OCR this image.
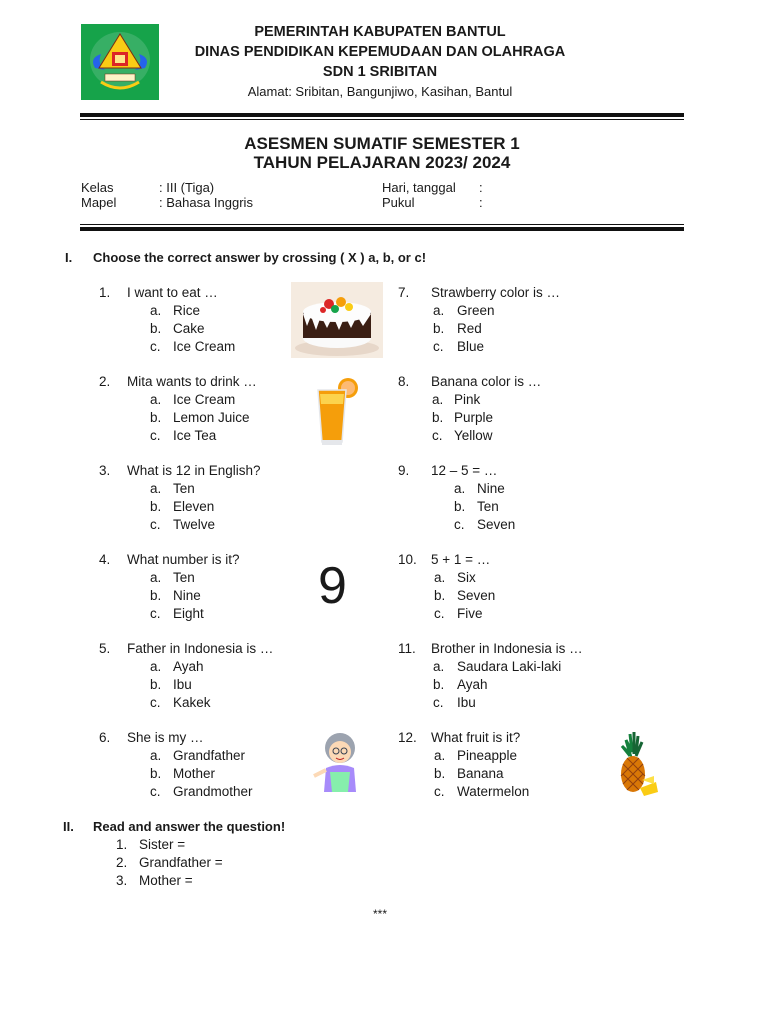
PEMERINTAH KABUPATEN BANTUL
DINAS PENDIDIKAN KEPEMUDAAN DAN OLAHRAGA
SDN 1 SRIBITAN
Alamat: Sribitan, Bangunjiwo, Kasihan, Bantul
ASESMEN SUMATIF SEMESTER 1
TAHUN PELAJARAN 2023/ 2024
Kelas	: III (Tiga)
Mapel	: Bahasa Inggris
Hari, tanggal :
Pukul	:
I. Choose the correct answer by crossing ( X ) a, b, or c!
1. I want to eat …
a. Rice
b. Cake
c. Ice Cream
2. Mita wants to drink …
a. Ice Cream
b. Lemon Juice
c. Ice Tea
3. What is 12 in English?
a. Ten
b. Eleven
c. Twelve
4. What number is it?
a. Ten
b. Nine
c. Eight
5. Father in Indonesia is …
a. Ayah
b. Ibu
c. Kakek
6. She is my …
a. Grandfather
b. Mother
c. Grandmother
7. Strawberry color is …
a. Green
b. Red
c. Blue
8. Banana color is …
a. Pink
b. Purple
c. Yellow
9. 12 – 5 = …
a. Nine
b. Ten
c. Seven
10. 5 + 1 = …
a. Six
b. Seven
c. Five
11. Brother in Indonesia is …
a. Saudara Laki-laki
b. Ayah
c. Ibu
12. What fruit is it?
a. Pineapple
b. Banana
c. Watermelon
9
II. Read and answer the question!
1. Sister =
2. Grandfather =
3. Mother =
***
